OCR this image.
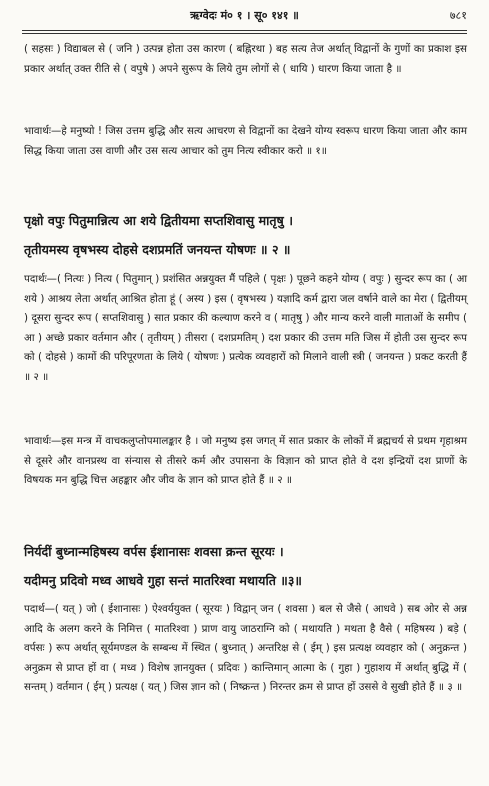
ऋग्वेदः मं० १ । सू० १४१ ॥	७८१
( सहसः ) विद्याबल से ( जनि ) उत्पन्न होता उस कारण ( बह्निरथा ) बह सत्य तेज अर्थात् विद्वानों के गुणों का प्रकाश इस प्रकार अर्थात् उक्त रीति से ( वपुषे ) अपने सुरूप के लिये तुम लोगों से ( धायि ) धारण किया जाता है ॥
भावार्थः—हे मनुष्यो ! जिस उत्तम बुद्धि और सत्य आचरण से विद्वानों का देखने योग्य स्वरूप धारण किया जाता और काम सिद्ध किया जाता उस वाणी और उस सत्य आचार को तुम नित्य स्वीकार करो ॥ १॥
पृक्षो वपुः पितुमान्नित्य आ शये द्वितीयमा सप्तशिवासु मातृषु ।
तृतीयमस्य वृषभस्य दोहसे दशप्रमतिं जनयन्त योषणः ॥ २ ॥
पदार्थः—( नित्यः ) नित्य ( पितुमान् ) प्रशंसित अन्नयुक्त मैं पहिले ( पृक्षः ) पूछने कहने योग्य ( वपुः ) सुन्दर रूप का ( आ शये ) आश्रय लेता अर्थात् आश्रित होता हूं ( अस्य ) इस ( वृषभस्य ) यज्ञादि कर्म द्वारा जल वर्षाने वाले का मेरा ( द्वितीयम् ) दूसरा सुन्दर रूप ( सप्तशिवासु ) सात प्रकार की कल्याण करने व ( मातृषु ) और मान्य करने वाली माताओं के समीप ( आ ) अच्छे प्रकार वर्तमान और ( तृतीयम् ) तीसरा ( दशप्रमतिम् ) दश प्रकार की उत्तम मति जिस में होती उस सुन्दर रूप को ( दोहसे ) कामों की परिपूरणता के लिये ( योषणः ) प्रत्येक व्यवहारों को मिलाने वाली स्त्री ( जनयन्त ) प्रकट करती हैं ॥ २ ॥
भावार्थः—इस मन्त्र में वाचकलुप्तोपमालङ्कार है । जो मनुष्य इस जगत् में सात प्रकार के लोकों में ब्रह्मचर्य से प्रथम गृहाश्रम से दूसरे और वानप्रस्थ वा संन्यास से तीसरे कर्म और उपासना के विज्ञान को प्राप्त होते वे दश इन्द्रियों दश प्राणों के विषयक मन बुद्धि चित्त अहङ्कार और जीव के ज्ञान को प्राप्त होते हैं ॥ २ ॥
निर्यदीं बुध्नान्महिषस्य वर्पस ईशानासः शवसा क्रन्त सूरयः ।
यदीमनु प्रदिवो मध्व आधवे गुहा सन्तं मातरिश्वा मथायति ॥३॥
पदार्थ—( यत् ) जो ( ईशानासः ) ऐश्वर्ययुक्त ( सूरयः ) विद्वान् जन ( शवसा ) बल से जैसे ( आधवे ) सब ओर से अन्न आदि के अलग करने के निमित्त ( मातरिश्वा ) प्राण वायु जाठराग्नि को ( मथायति ) मथता है वैसे ( महिषस्य ) बड़े ( वर्पसः ) रूप अर्थात् सूर्यमण्डल के सम्बन्ध में स्थित ( बुध्नात् ) अन्तरिक्ष से ( ईम् ) इस प्रत्यक्ष व्यवहार को ( अनुक्रन्त ) अनुक्रम से प्राप्त हों वा ( मध्व ) विशेष ज्ञानयुक्त ( प्रदिवः ) कान्तिमान् आत्मा के ( गुहा ) गुहाशय में अर्थात् बुद्धि में ( सन्तम् ) वर्तमान ( ईम् ) प्रत्यक्ष ( यत् ) जिस ज्ञान को ( निष्क्रन्त ) निरन्तर क्रम से प्राप्त हों उससे वे सुखी होते हैं ॥ ३ ॥
